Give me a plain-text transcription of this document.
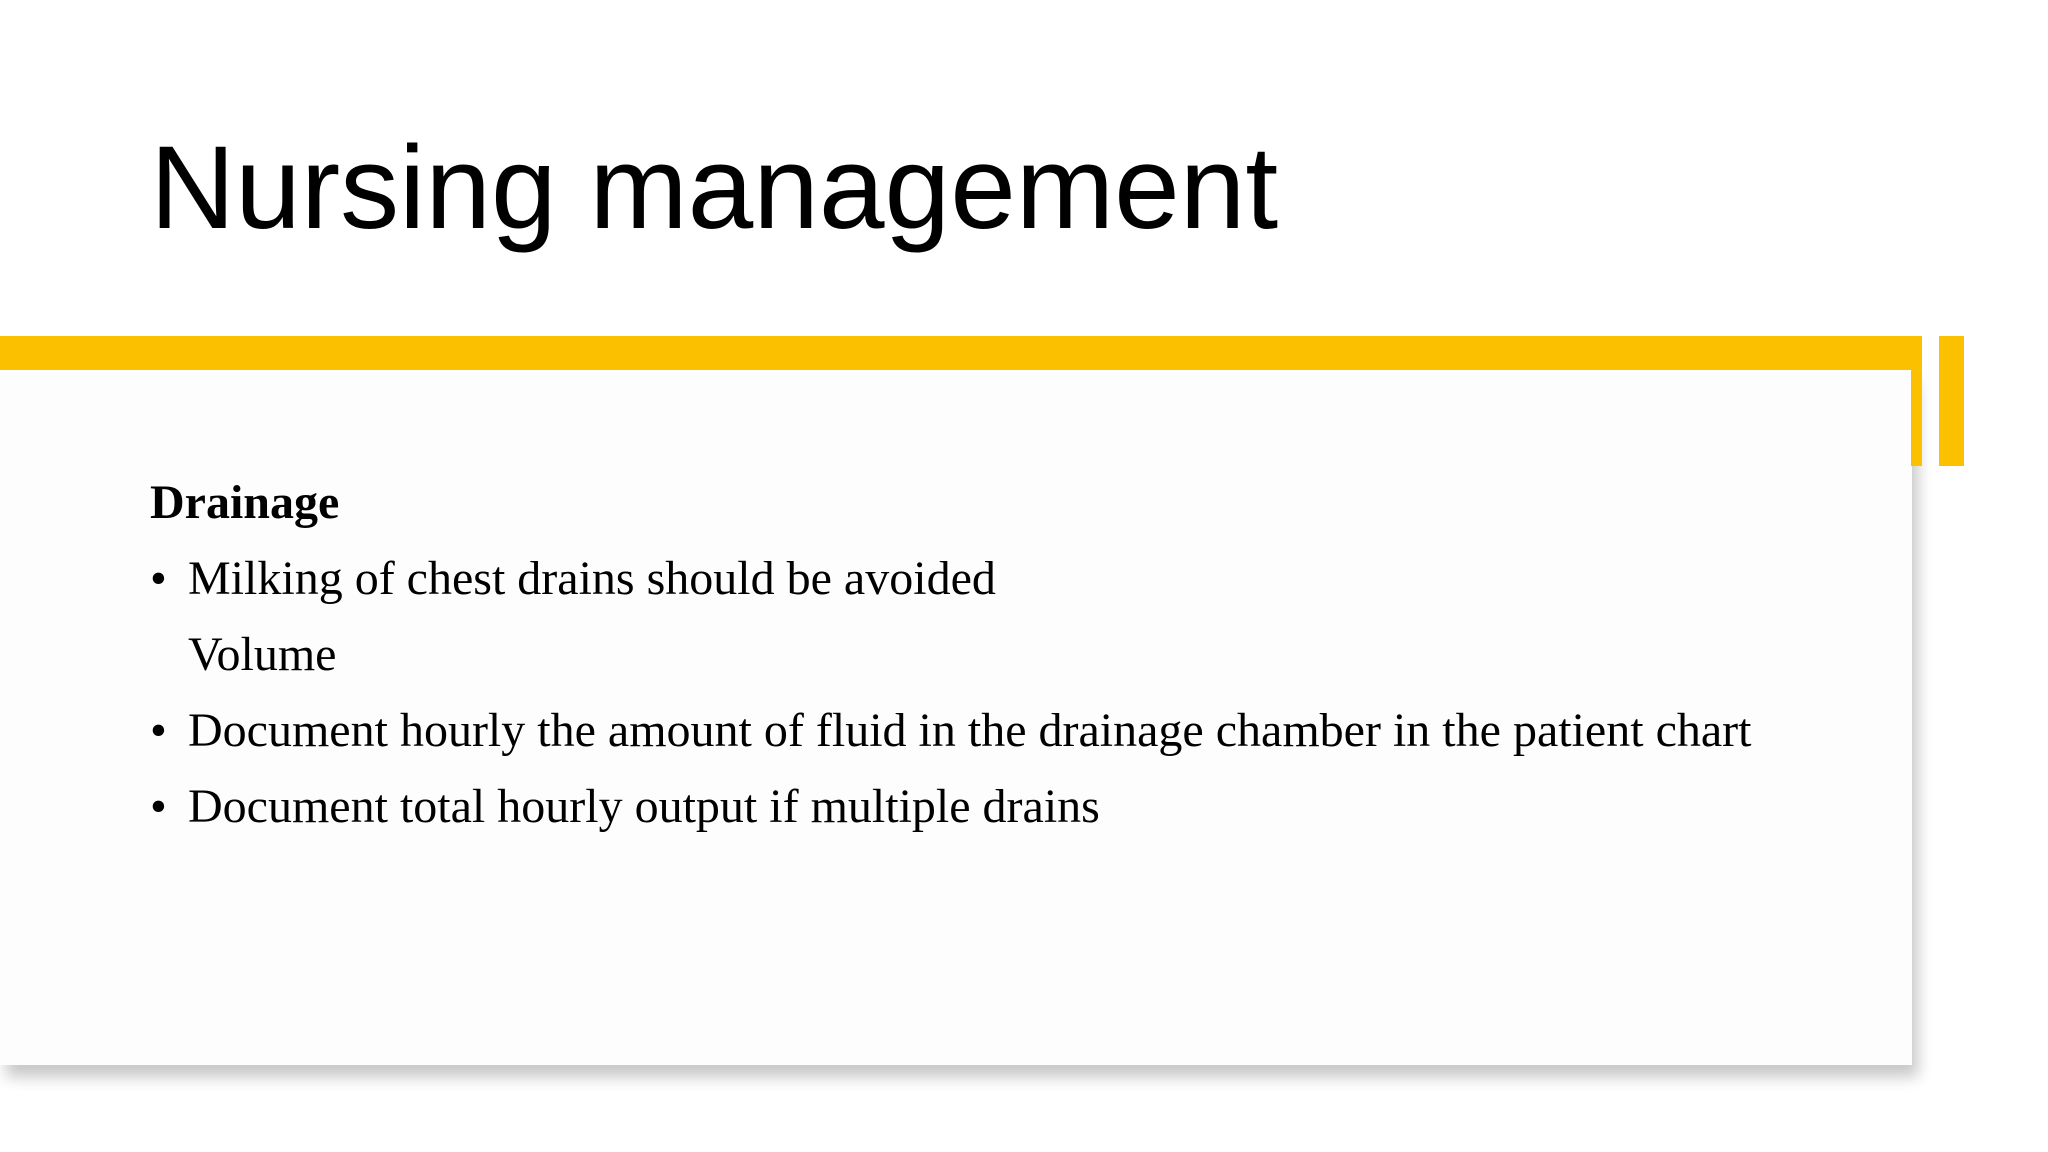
Nursing management
Drainage
• Milking of chest drains should be avoided
Volume
• Document hourly the amount of fluid in the drainage chamber in the patient chart
• Document total hourly output if multiple drains
